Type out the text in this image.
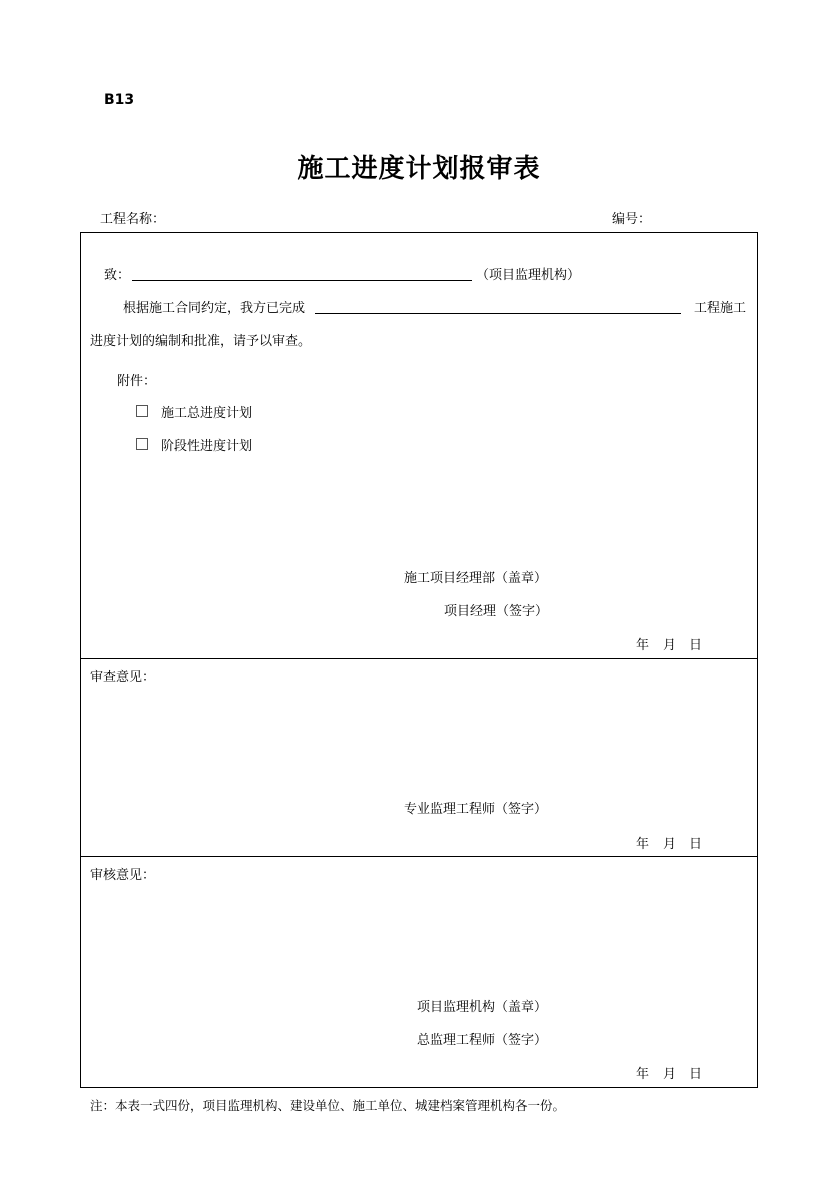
B13
施工进度计划报审表
工程名称：	编号：
致：	（项目监理机构）
根据施工合同约定，我方已完成	工程施工
进度计划的编制和批准，请予以审查。
附件：
施工总进度计划
阶段性进度计划
施工项目经理部（盖章）
项目经理（签字）
年 月 日
审查意见：
专业监理工程师（签字）
年 月 日
审核意见：
项目监理机构（盖章）
总监理工程师（签字）
年 月 日
注：本表一式四份，项目监理机构、建设单位、施工单位、城建档案管理机构各一份。
